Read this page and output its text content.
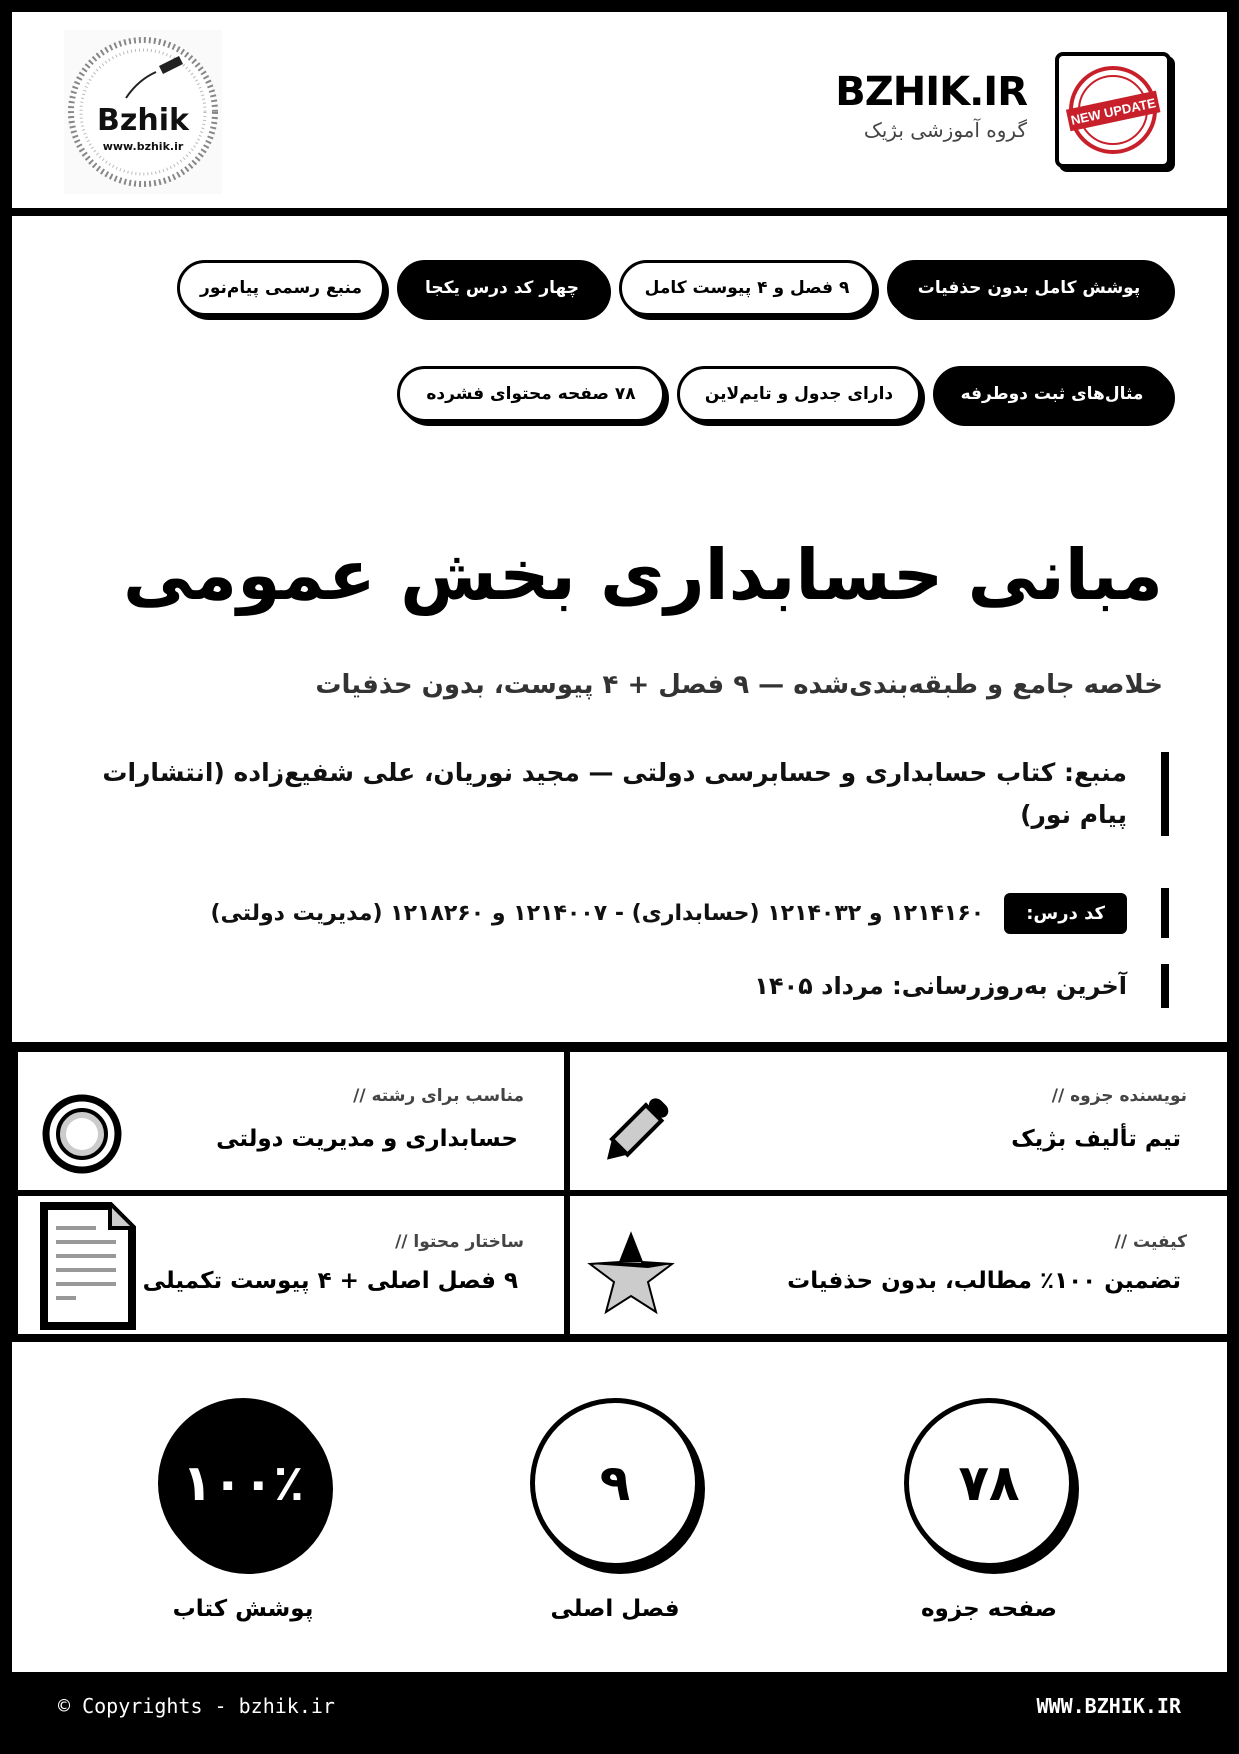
NEW UPDATE
BZHIK.IR
گروه آموزشی بژیک
Bzhik
www.bzhik.ir
پوشش کامل بدون حذفیات
۹ فصل و ۴ پیوست کامل
چهار کد درس یکجا
منبع رسمی پیام‌نور
مثال‌های ثبت دوطرفه
دارای جدول و تایم‌لاین
۷۸ صفحه محتوای فشرده
مبانی حسابداری بخش عمومی
خلاصه جامع و طبقه‌بندی‌شده — ۹ فصل + ۴ پیوست، بدون حذفیات
منبع: کتاب حسابداری و حسابرسی دولتی — مجید نوریان، علی شفیع‌زاده (انتشارات پیام نور)
کد درس:
۱۲۱۴۱۶۰ و ۱۲۱۴۰۳۲ (حسابداری) - ۱۲۱۴۰۰۷ و ۱۲۱۸۲۶۰ (مدیریت دولتی)
آخرین به‌روزرسانی: مرداد ۱۴۰۵
نویسنده جزوه //
تیم تألیف بژیک
مناسب برای رشته //
حسابداری و مدیریت دولتی
کیفیت //
تضمین ۱۰۰٪ مطالب، بدون حذفیات
ساختار محتوا //
۹ فصل اصلی + ۴ پیوست تکمیلی
۷۸
صفحه جزوه
۹
فصل اصلی
۱۰۰٪
پوشش کتاب
© Copyrights - bzhik.ir	WWW.BZHIK.IR
